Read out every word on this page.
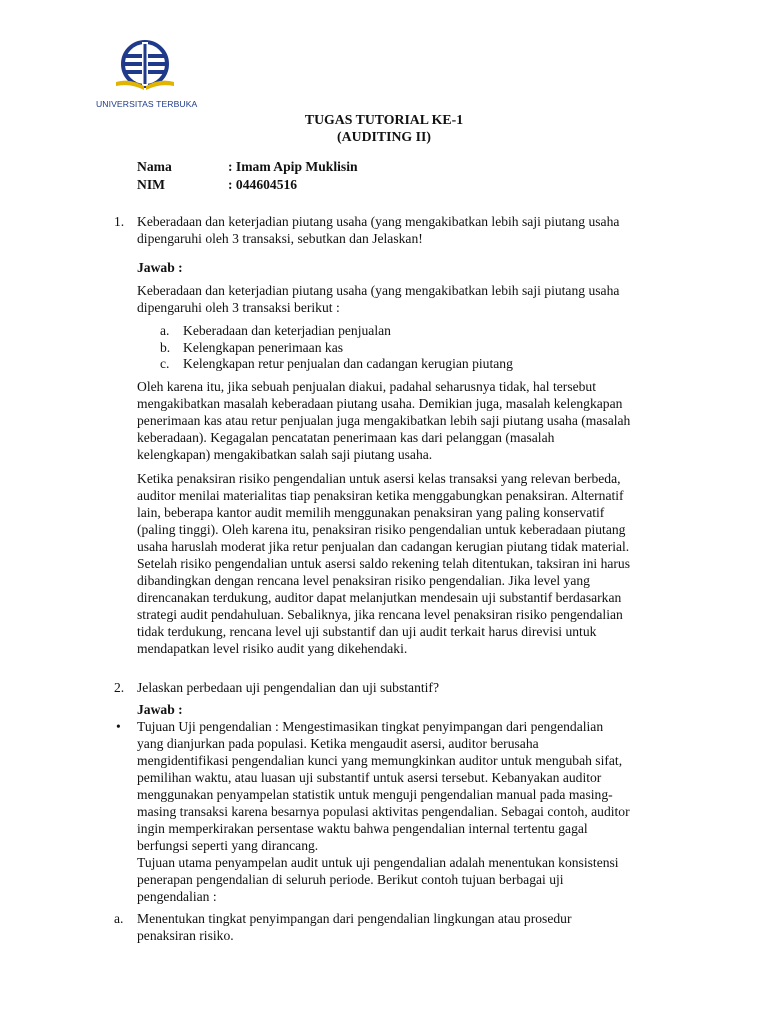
UNIVERSITAS TERBUKA
TUGAS TUTORIAL KE-1
(AUDITING II)
Nama	: Imam Apip Muklisin
NIM	: 044604516
1. Keberadaan dan keterjadian piutang usaha (yang mengakibatkan lebih saji piutang usaha
dipengaruhi oleh 3 transaksi, sebutkan dan Jelaskan!
Jawab :
Keberadaan dan keterjadian piutang usaha (yang mengakibatkan lebih saji piutang usaha
dipengaruhi oleh 3 transaksi berikut :
a. Keberadaan dan keterjadian penjualan
b. Kelengkapan penerimaan kas
c. Kelengkapan retur penjualan dan cadangan kerugian piutang
Oleh karena itu, jika sebuah penjualan diakui, padahal seharusnya tidak, hal tersebut
mengakibatkan masalah keberadaan piutang usaha. Demikian juga, masalah kelengkapan
penerimaan kas atau retur penjualan juga mengakibatkan lebih saji piutang usaha (masalah
keberadaan). Kegagalan pencatatan penerimaan kas dari pelanggan (masalah
kelengkapan) mengakibatkan salah saji piutang usaha.
Ketika penaksiran risiko pengendalian untuk asersi kelas transaksi yang relevan berbeda,
auditor menilai materialitas tiap penaksiran ketika menggabungkan penaksiran. Alternatif
lain, beberapa kantor audit memilih menggunakan penaksiran yang paling konservatif
(paling tinggi). Oleh karena itu, penaksiran risiko pengendalian untuk keberadaan piutang
usaha haruslah moderat jika retur penjualan dan cadangan kerugian piutang tidak material.
Setelah risiko pengendalian untuk asersi saldo rekening telah ditentukan, taksiran ini harus
dibandingkan dengan rencana level penaksiran risiko pengendalian. Jika level yang
direncanakan terdukung, auditor dapat melanjutkan mendesain uji substantif berdasarkan
strategi audit pendahuluan. Sebaliknya, jika rencana level penaksiran risiko pengendalian
tidak terdukung, rencana level uji substantif dan uji audit terkait harus direvisi untuk
mendapatkan level risiko audit yang dikehendaki.
2. Jelaskan perbedaan uji pengendalian dan uji substantif?
Jawab :
• Tujuan Uji pengendalian : Mengestimasikan tingkat penyimpangan dari pengendalian
yang dianjurkan pada populasi. Ketika mengaudit asersi, auditor berusaha
mengidentifikasi pengendalian kunci yang memungkinkan auditor untuk mengubah sifat,
pemilihan waktu, atau luasan uji substantif untuk asersi tersebut. Kebanyakan auditor
menggunakan penyampelan statistik untuk menguji pengendalian manual pada masing-
masing transaksi karena besarnya populasi aktivitas pengendalian. Sebagai contoh, auditor
ingin memperkirakan persentase waktu bahwa pengendalian internal tertentu gagal
berfungsi seperti yang dirancang.
Tujuan utama penyampelan audit untuk uji pengendalian adalah menentukan konsistensi
penerapan pengendalian di seluruh periode. Berikut contoh tujuan berbagai uji
pengendalian :
a. Menentukan tingkat penyimpangan dari pengendalian lingkungan atau prosedur
penaksiran risiko.
